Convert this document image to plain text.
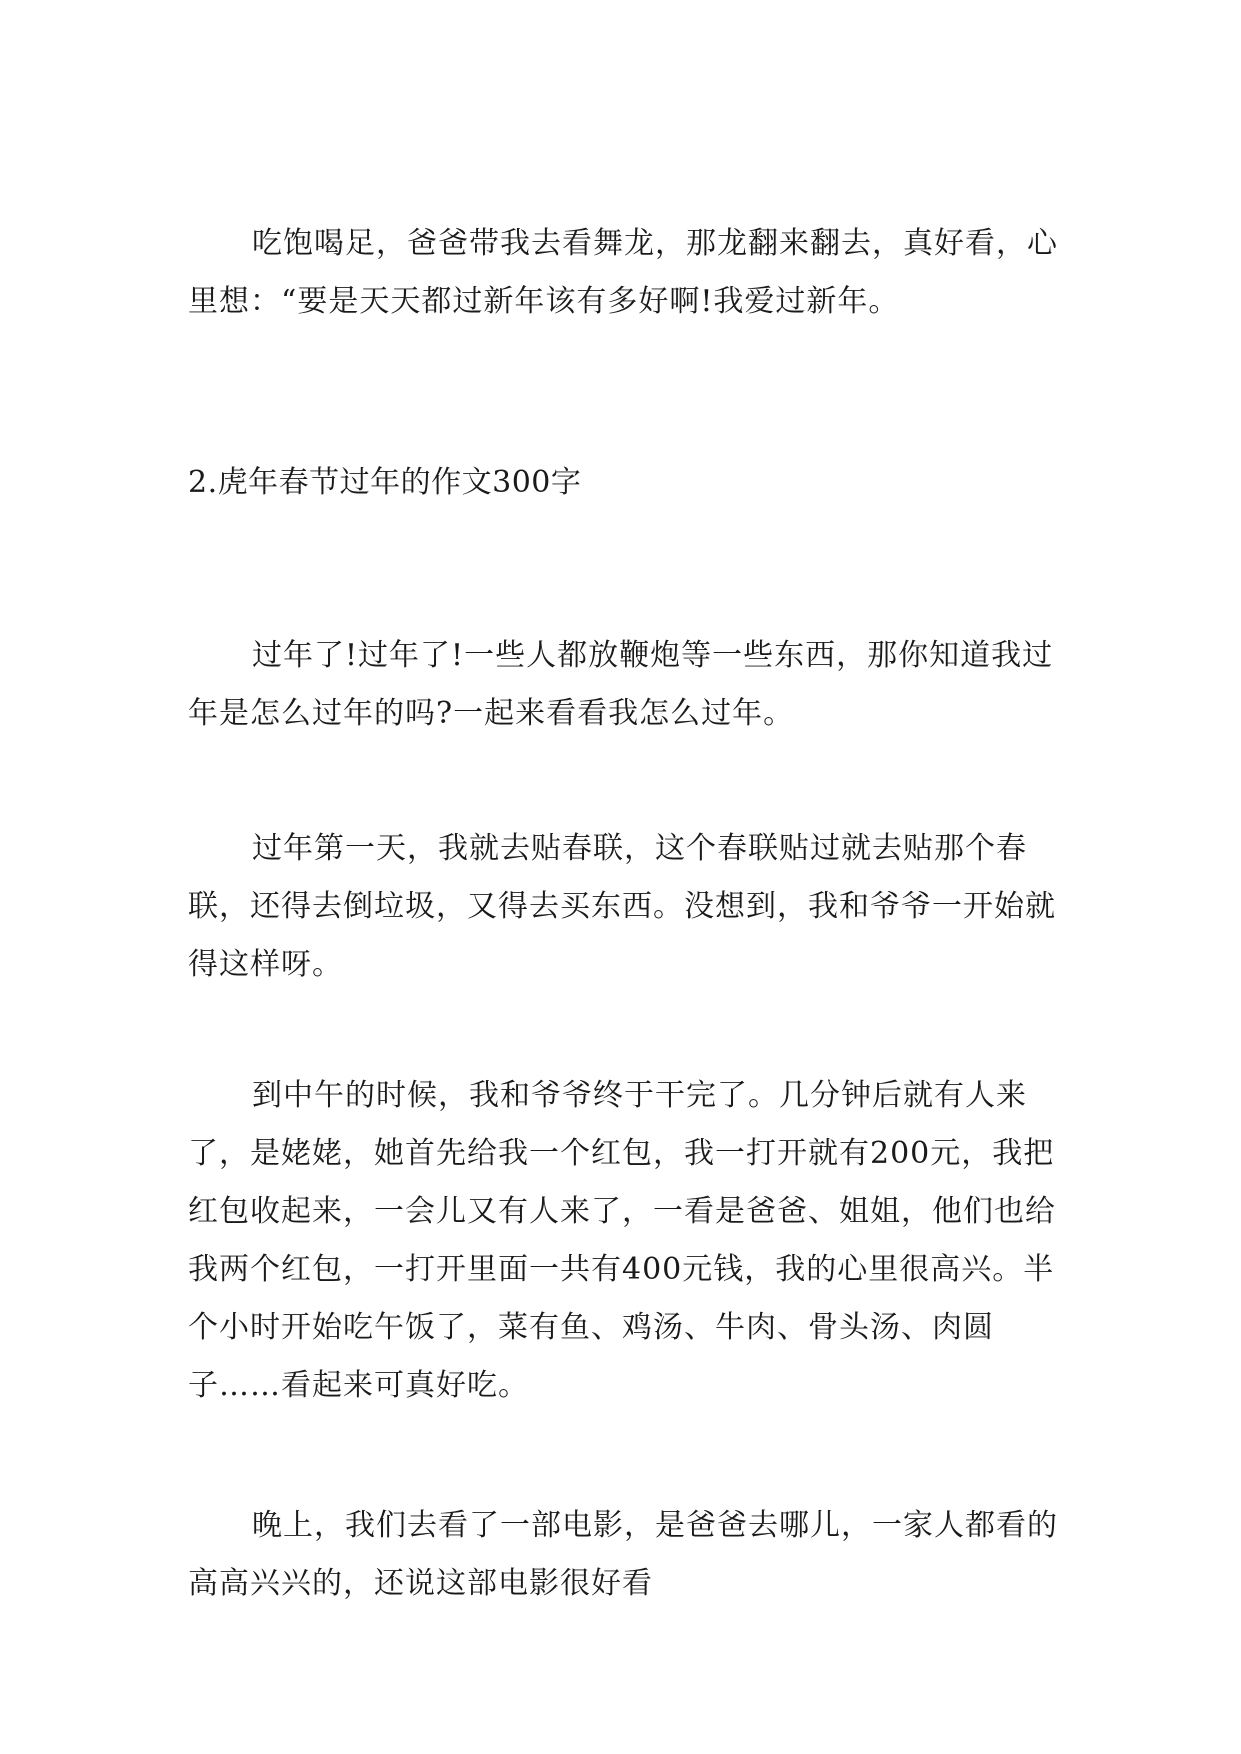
吃饱喝足，爸爸带我去看舞龙，那龙翻来翻去，真好看，心里想：“要是天天都过新年该有多好啊!我爱过新年。

2.虎年春节过年的作文300字

过年了!过年了!一些人都放鞭炮等一些东西，那你知道我过年是怎么过年的吗?一起来看看我怎么过年。

过年第一天，我就去贴春联，这个春联贴过就去贴那个春联，还得去倒垃圾，又得去买东西。没想到，我和爷爷一开始就得这样呀。

到中午的时候，我和爷爷终于干完了。几分钟后就有人来了，是姥姥，她首先给我一个红包，我一打开就有200元，我把红包收起来，一会儿又有人来了，一看是爸爸、姐姐，他们也给我两个红包，一打开里面一共有400元钱，我的心里很高兴。半个小时开始吃午饭了，菜有鱼、鸡汤、牛肉、骨头汤、肉圆子……看起来可真好吃。

晚上，我们去看了一部电影，是爸爸去哪儿，一家人都看的高高兴兴的，还说这部电影很好看
